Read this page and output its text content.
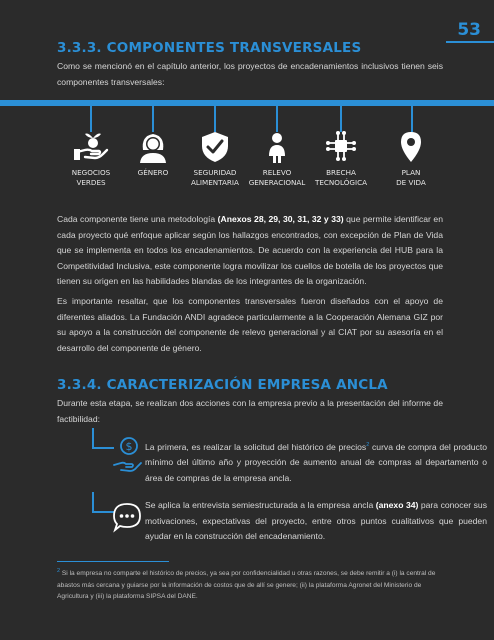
53
3.3.3. COMPONENTES TRANSVERSALES

Como se mencionó en el capítulo anterior, los proyectos de encadenamientos inclusivos tienen seis componentes transversales:

NEGOCIOS
VERDES
GÉNERO	SEGURIDAD
ALIMENTARIA
RELEVO
GENERACIONAL
BRECHA
TECNOLÓGICA
PLAN
DE VIDA

Cada componente tiene una metodología (Anexos 28, 29, 30, 31, 32 y 33) que permite identificar en cada proyecto qué enfoque aplicar según los hallazgos encontrados, con excepción de Plan de Vida que se implementa en todos los encadenamientos. De acuerdo con la experiencia del HUB para la Competitividad Inclusiva, este componente logra movilizar los cuellos de botella de los proyectos que tienen su origen en las habilidades blandas de los integrantes de la organización.

Es importante resaltar, que los componentes transversales fueron diseñados con el apoyo de diferentes aliados. La Fundación ANDI agradece particularmente a la Cooperación Alemana GIZ por su apoyo a la construcción del componente de relevo generacional y al CIAT por su asesoría en el desarrollo del componente de género.

3.3.4. CARACTERIZACIÓN EMPRESA ANCLA

Durante esta etapa, se realizan dos acciones con la empresa previo a la presentación del informe de factibilidad:

$ La primera, es realizar la solicitud del histórico de precios$^2$ curva de compra del producto mínimo del último año y proyección de aumento anual de compras al departamento o área de compras de la empresa ancla.

Se aplica la entrevista semiestructurada a la empresa ancla (anexo 34) para conocer sus motivaciones, expectativas del proyecto, entre otros puntos cualitativos que pueden ayudar en la construcción del encadenamiento.

$^2$ Si la empresa no comparte el histórico de precios, ya sea por confidencialidad u otras razones, se debe remitir a (i) la central de abastos más cercana y guiarse por la información de costos que de allí se genere; (ii) la plataforma Agronet del Ministerio de Agricultura y (iii) la plataforma SIPSA del DANE.
